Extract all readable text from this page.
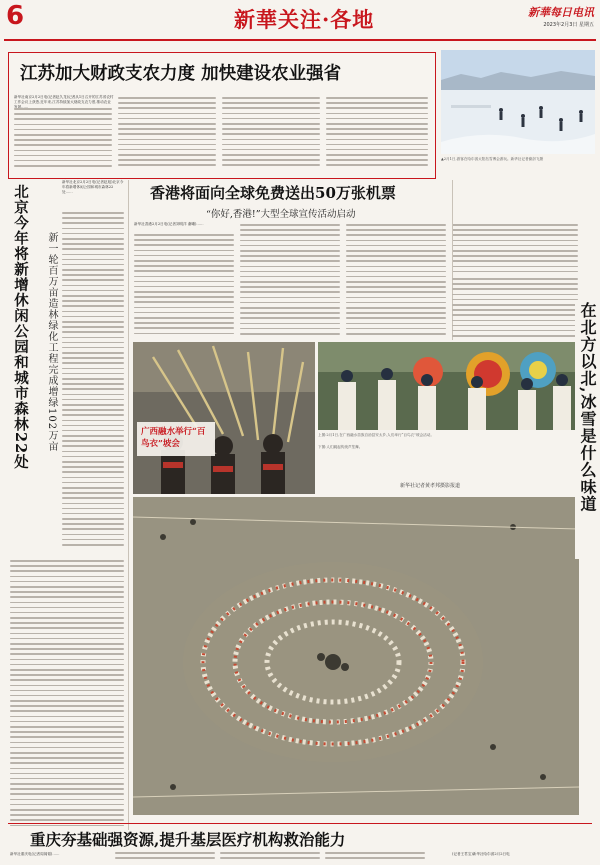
6	新華关注·各地	新華每日电讯
2023年2月3日 星期五
江苏加大财政支农力度 加快建设农业强省
新华社南京2月2日电(记者赵久龙)记者从1日召开的江苏省农村工作会议上获悉,近年来,江苏持续加大财政支农力度,推动农业
▲2月1日,游客在哈尔滨太阳岛雪博会游玩。新华社记者谢剑飞摄
北京今年将新增休闲公园和城市森林22处 新一轮百万亩造林绿化工程完成增绿102万亩
新华社北京2月2日电(记者赵旭)北京今年将新增休闲公园和城市森林22处……	香港将面向全球免费送出50万张机票
“你好,香港!”大型全球宣传活动启动
新华社香港2月2日电(记者刘明洋 谢曦)……
广西融水举行“百鸟衣”坡会
上图:2月1日,在广西融水苗族自治县安太乡,人们举行“百鸟衣”坡会活动。
下图:人们跳起传统芦笙舞。
新华社记者黄孝邦摄影报道	在北方以北,冰雪是什么味道
重庆夯基础强资源,提升基层医疗机构救治能力
新华社重庆电(记者周闻韬)……	(记者王君宝)新华社哈尔滨2月2日电
